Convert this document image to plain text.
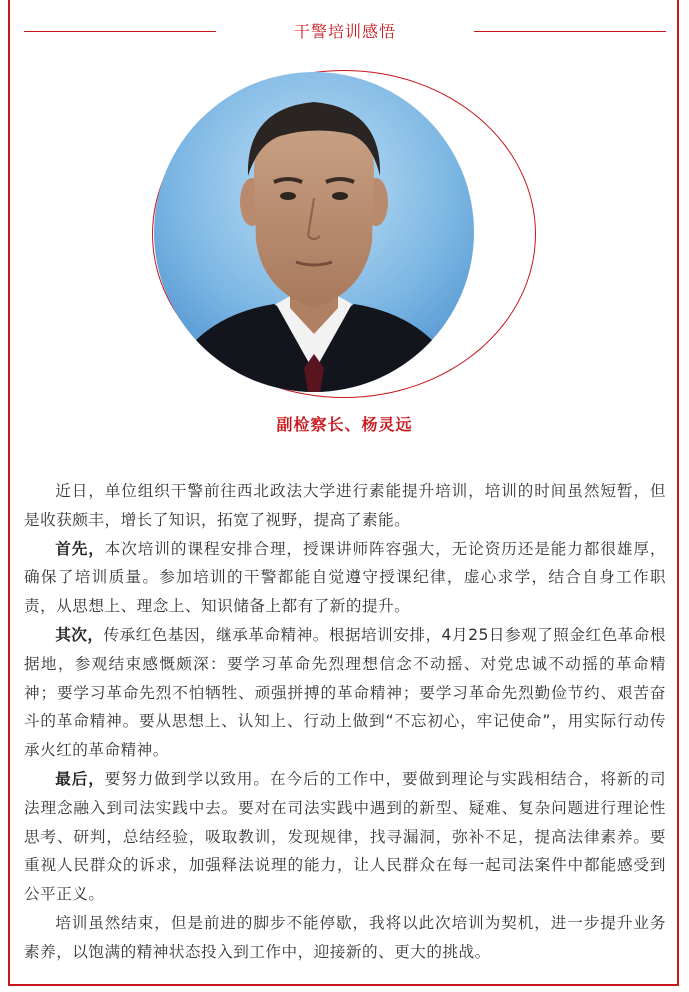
干警培训感悟
副检察长、杨灵远

近日，单位组织干警前往西北政法大学进行素能提升培训，培训的时间虽然短暂，但是收获颇丰，增长了知识，拓宽了视野，提高了素能。

首先，本次培训的课程安排合理，授课讲师阵容强大，无论资历还是能力都很雄厚，确保了培训质量。参加培训的干警都能自觉遵守授课纪律，虚心求学，结合自身工作职责，从思想上、理念上、知识储备上都有了新的提升。

其次，传承红色基因，继承革命精神。根据培训安排，4月25日参观了照金红色革命根据地，参观结束感慨颇深：要学习革命先烈理想信念不动摇、对党忠诚不动摇的革命精神；要学习革命先烈不怕牺牲、顽强拼搏的革命精神；要学习革命先烈勤俭节约、艰苦奋斗的革命精神。要从思想上、认知上、行动上做到“不忘初心，牢记使命”，用实际行动传承火红的革命精神。

最后，要努力做到学以致用。在今后的工作中，要做到理论与实践相结合，将新的司法理念融入到司法实践中去。要对在司法实践中遇到的新型、疑难、复杂问题进行理论性思考、研判，总结经验，吸取教训，发现规律，找寻漏洞，弥补不足，提高法律素养。要重视人民群众的诉求，加强释法说理的能力，让人民群众在每一起司法案件中都能感受到公平正义。

培训虽然结束，但是前进的脚步不能停歇，我将以此次培训为契机，进一步提升业务素养，以饱满的精神状态投入到工作中，迎接新的、更大的挑战。
